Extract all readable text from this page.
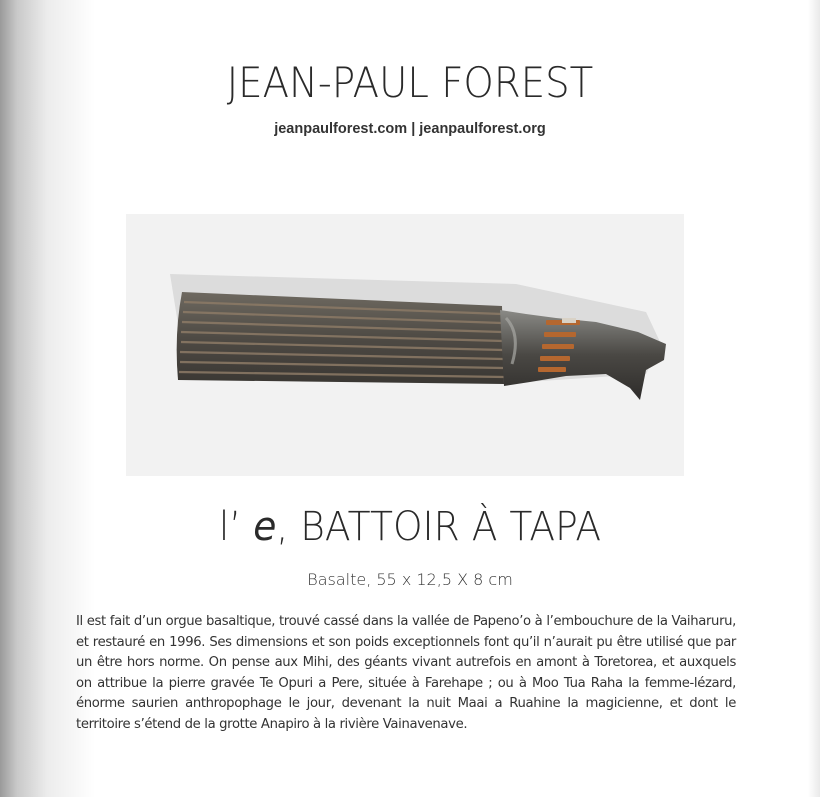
JEAN-PAUL FOREST
jeanpaulforest.com | jeanpaulforest.org
l’ e, BATTOIR À TAPA
Basalte, 55 x 12,5 X 8 cm
Il est fait d’un orgue basaltique, trouvé cassé dans la vallée de Papeno’o à l’embouchure de la Vaiharuru, et restauré en 1996. Ses dimensions et son poids exceptionnels font qu’il n’aurait pu être utilisé que par un être hors norme. On pense aux Mihi, des géants vivant autrefois en amont à Toretorea, et auxquels on attribue la pierre gravée Te Opuri a Pere, située à Farehape ; ou à Moo Tua Raha la femme-lézard, énorme saurien anthropophage le jour, devenant la nuit Maai a Ruahine la magicienne, et dont le territoire s’étend de la grotte Anapiro à la rivière Vainavenave.
